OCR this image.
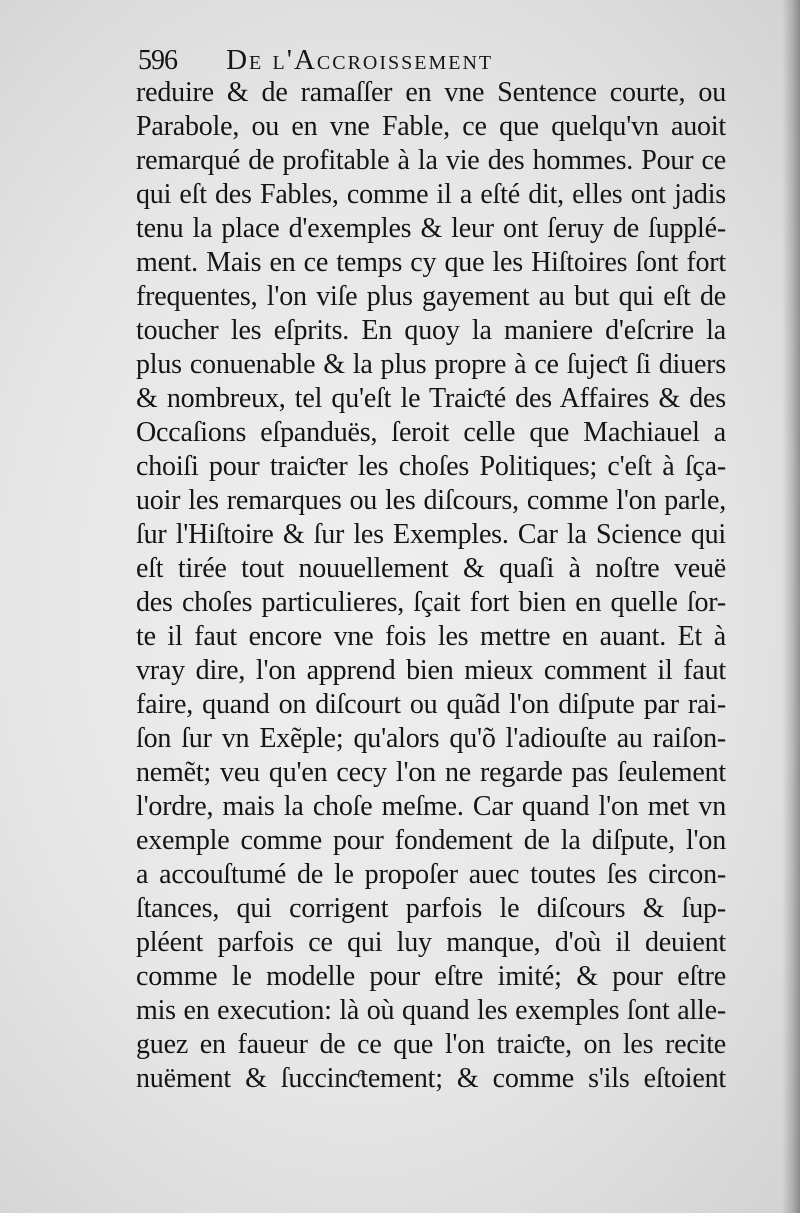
596 De l'Accroissement
reduire & de ramaſſer en vne Sentence courte, ou
Parabole, ou en vne Fable, ce que quelqu'vn auoit
remarqué de profitable à la vie des hommes. Pour ce
qui eſt des Fables, comme il a eſté dit, elles ont jadis
tenu la place d'exemples & leur ont ſeruy de ſupplé-
ment. Mais en ce temps cy que les Hiſtoires ſont fort
frequentes, l'on viſe plus gayement au but qui eſt de
toucher les eſprits. En quoy la maniere d'eſcrire la
plus conuenable & la plus propre à ce ſujeƈt ſi diuers
& nombreux, tel qu'eſt le Traiƈté des Affaires & des
Occaſions eſpanduës, ſeroit celle que Machiauel a
choiſi pour traiƈter les choſes Politiques; c'eſt à ſça-
uoir les remarques ou les diſcours, comme l'on parle,
ſur l'Hiſtoire & ſur les Exemples. Car la Science qui
eſt tirée tout nouuellement & quaſi à noſtre veuë
des choſes particulieres, ſçait fort bien en quelle ſor-
te il faut encore vne fois les mettre en auant. Et à
vray dire, l'on apprend bien mieux comment il faut
faire, quand on diſcourt ou quãd l'on diſpute par rai-
ſon ſur vn Exẽple; qu'alors qu'õ l'adiouſte au raiſon-
nemẽt; veu qu'en cecy l'on ne regarde pas ſeulement
l'ordre, mais la choſe meſme. Car quand l'on met vn
exemple comme pour fondement de la diſpute, l'on
a accouſtumé de le propoſer auec toutes ſes circon-
ſtances, qui corrigent parfois le diſcours & ſup-
pléent parfois ce qui luy manque, d'où il deuient
comme le modelle pour eſtre imité; & pour eſtre
mis en execution: là où quand les exemples ſont alle-
guez en faueur de ce que l'on traiƈte, on les recite
nuëment & ſuccinƈtement; & comme s'ils eſtoient
